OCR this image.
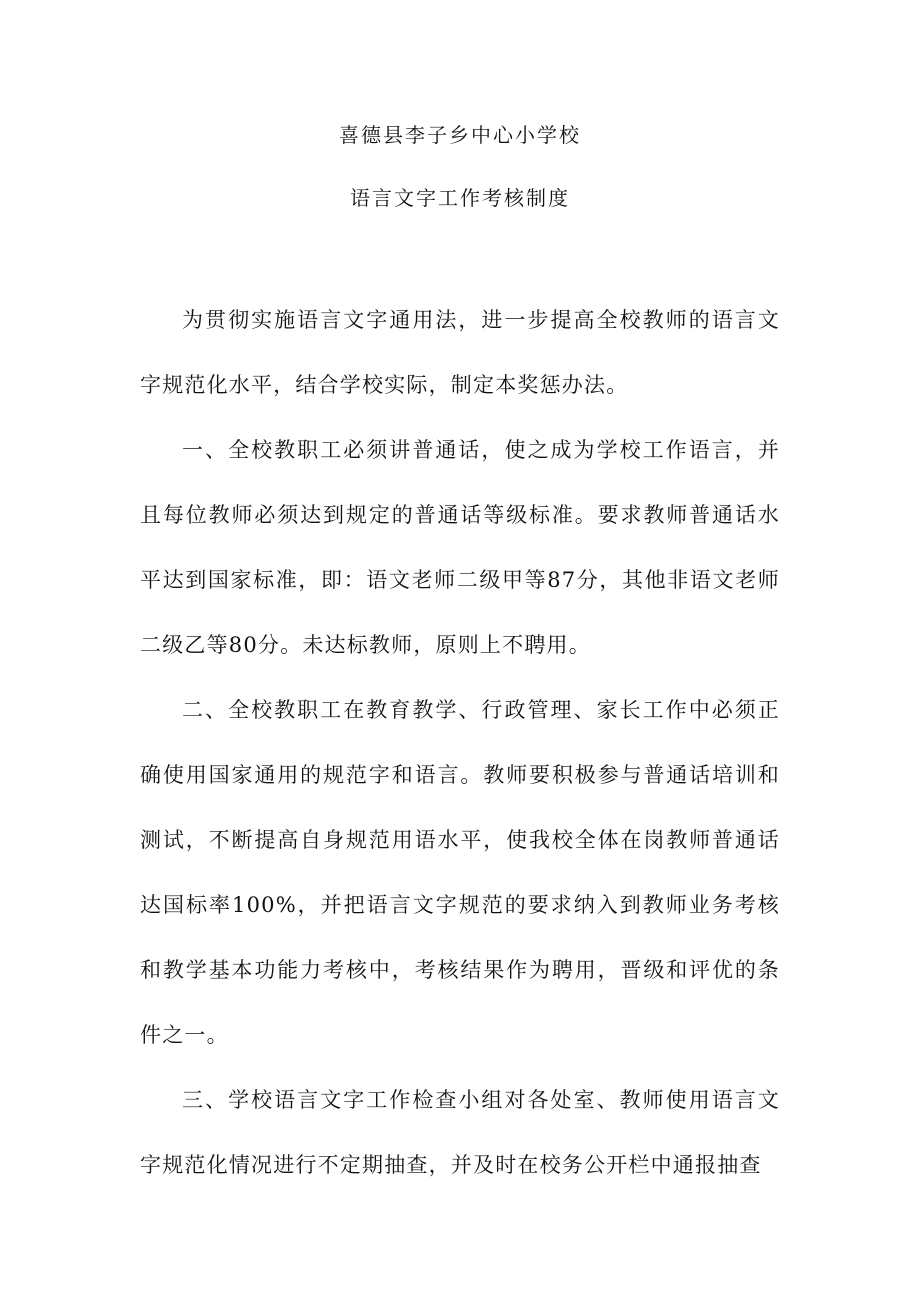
喜德县李子乡中心小学校
语言文字工作考核制度

为贯彻实施语言文字通用法，进一步提高全校教师的语言文字规范化水平，结合学校实际，制定本奖惩办法。

一、全校教职工必须讲普通话，使之成为学校工作语言，并且每位教师必须达到规定的普通话等级标准。要求教师普通话水平达到国家标准，即：语文老师二级甲等87分，其他非语文老师二级乙等80分。未达标教师，原则上不聘用。

二、全校教职工在教育教学、行政管理、家长工作中必须正确使用国家通用的规范字和语言。教师要积极参与普通话培训和测试，不断提高自身规范用语水平，使我校全体在岗教师普通话达国标率100%，并把语言文字规范的要求纳入到教师业务考核和教学基本功能力考核中，考核结果作为聘用，晋级和评优的条件之一。

三、学校语言文字工作检查小组对各处室、教师使用语言文字规范化情况进行不定期抽查，并及时在校务公开栏中通报抽查
